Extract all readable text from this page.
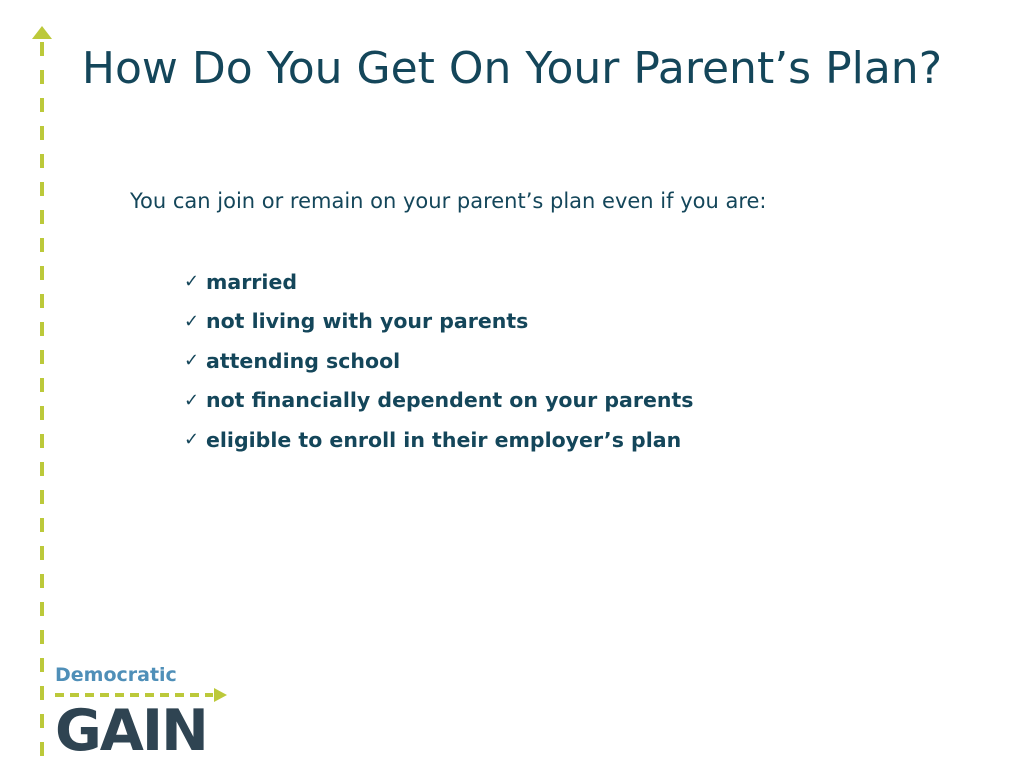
How Do You Get On Your Parent’s Plan?

You can join or remain on your parent’s plan even if you are:

✓ married
✓ not living with your parents
✓ attending school
✓ not financially dependent on your parents
✓ eligible to enroll in their employer’s plan
Democratic
GAIN
